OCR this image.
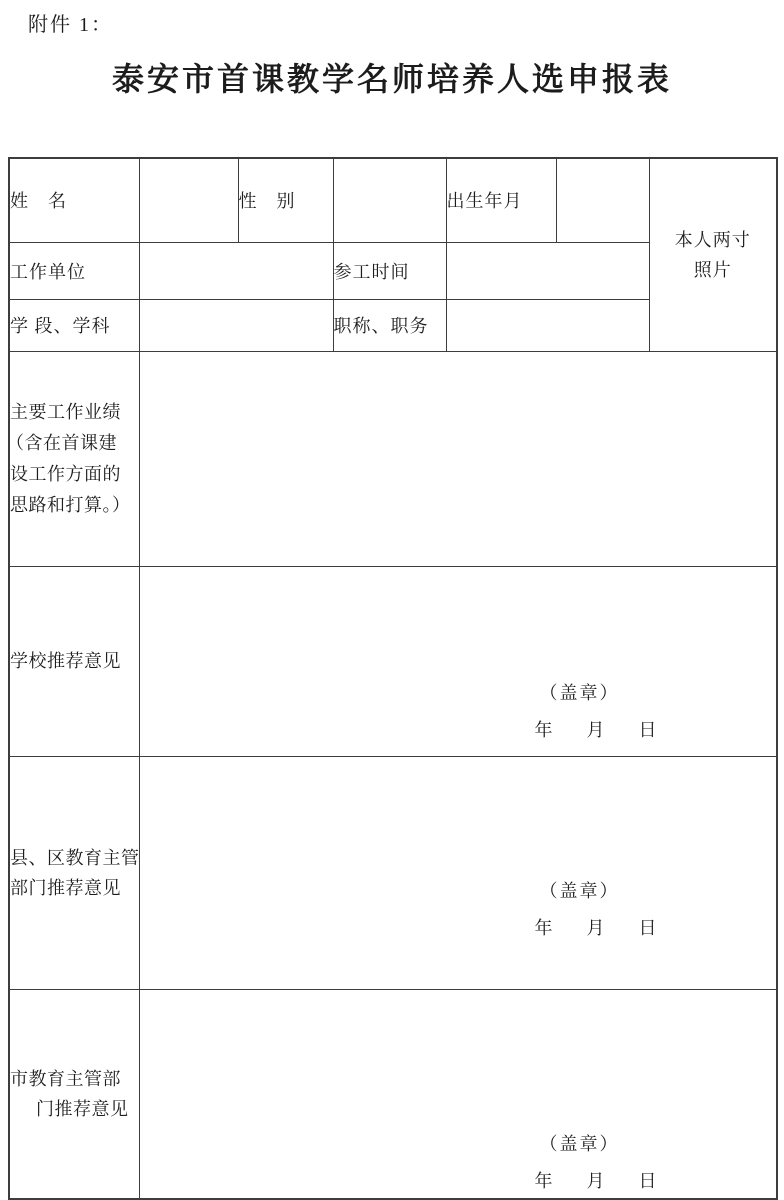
附件 1：
泰安市首课教学名师培养人选申报表
姓　名		性　别		出生年月		本人两寸
照片

工作单位			参工时间			
学 段、学科			职称、职务			

主要工作业绩
（含在首课建
设工作方面的
思路和打算。）						

学校推荐意见	（盖章）
年      月      日					

县、区教育主管
部门推荐意见	（盖章）
年      月      日

市教育主管部
门推荐意见

（盖章）
年      月      日
